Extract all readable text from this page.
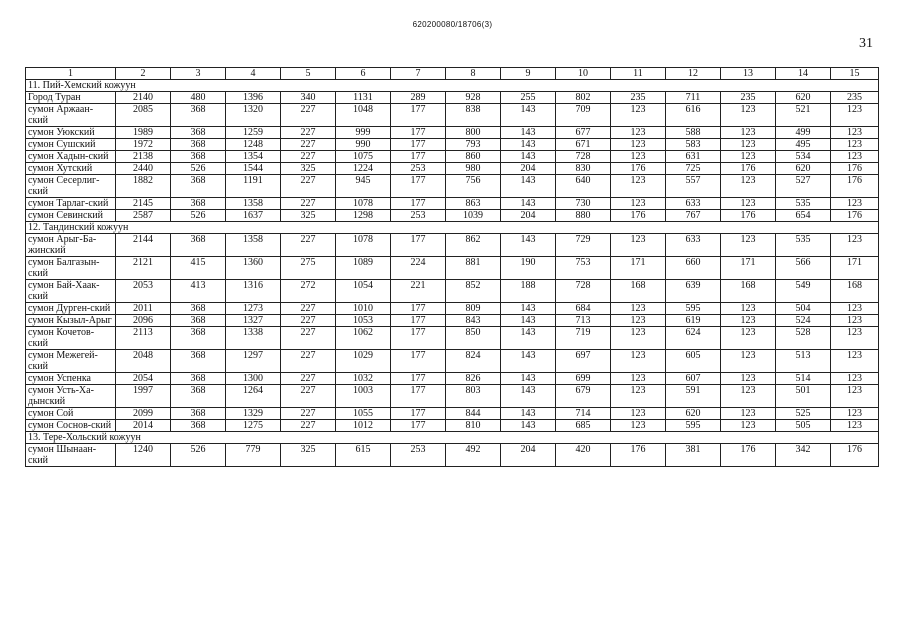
620200080/18706(3)
31
1	2	3	4	5	6	7	8	9	10	11	12	13	14	15
11. Пий-Хемский кожуун														
Город Туран	2140	480	1396	340	1131	289	928	255	802	235	711	235	620	235
сумон Аржаан-ский	2085	368	1320	227	1048	177	838	143	709	123	616	123	521	123
сумон Уюкский	1989	368	1259	227	999	177	800	143	677	123	588	123	499	123
сумон Сушский	1972	368	1248	227	990	177	793	143	671	123	583	123	495	123
сумон Хадын-ский	2138	368	1354	227	1075	177	860	143	728	123	631	123	534	123
сумон Хутский	2440	526	1544	325	1224	253	980	204	830	176	725	176	620	176
сумон Сесерлиг-ский	1882	368	1191	227	945	177	756	143	640	123	557	123	527	176
сумон Тарлаг-ский	2145	368	1358	227	1078	177	863	143	730	123	633	123	535	123
сумон Севинский	2587	526	1637	325	1298	253	1039	204	880	176	767	176	654	176
12. Тандинский кожуун														
сумон Арыг-Ба-жинский	2144	368	1358	227	1078	177	862	143	729	123	633	123	535	123
сумон Балгазын-ский	2121	415	1360	275	1089	224	881	190	753	171	660	171	566	171
сумон Бай-Хаак-ский	2053	413	1316	272	1054	221	852	188	728	168	639	168	549	168
сумон Дурген-ский	2011	368	1273	227	1010	177	809	143	684	123	595	123	504	123
сумон Кызыл-Арыг	2096	368	1327	227	1053	177	843	143	713	123	619	123	524	123
сумон Кочетов-ский	2113	368	1338	227	1062	177	850	143	719	123	624	123	528	123
сумон Межегей-ский	2048	368	1297	227	1029	177	824	143	697	123	605	123	513	123
сумон Успенка	2054	368	1300	227	1032	177	826	143	699	123	607	123	514	123
сумон Усть-Ха-дынский	1997	368	1264	227	1003	177	803	143	679	123	591	123	501	123
сумон Сой	2099	368	1329	227	1055	177	844	143	714	123	620	123	525	123
сумон Соснов-ский	2014	368	1275	227	1012	177	810	143	685	123	595	123	505	123
13. Тере-Хольский кожуун														
сумон Шынаан-ский	1240	526	779	325	615	253	492	204	420	176	381	176	342	176
